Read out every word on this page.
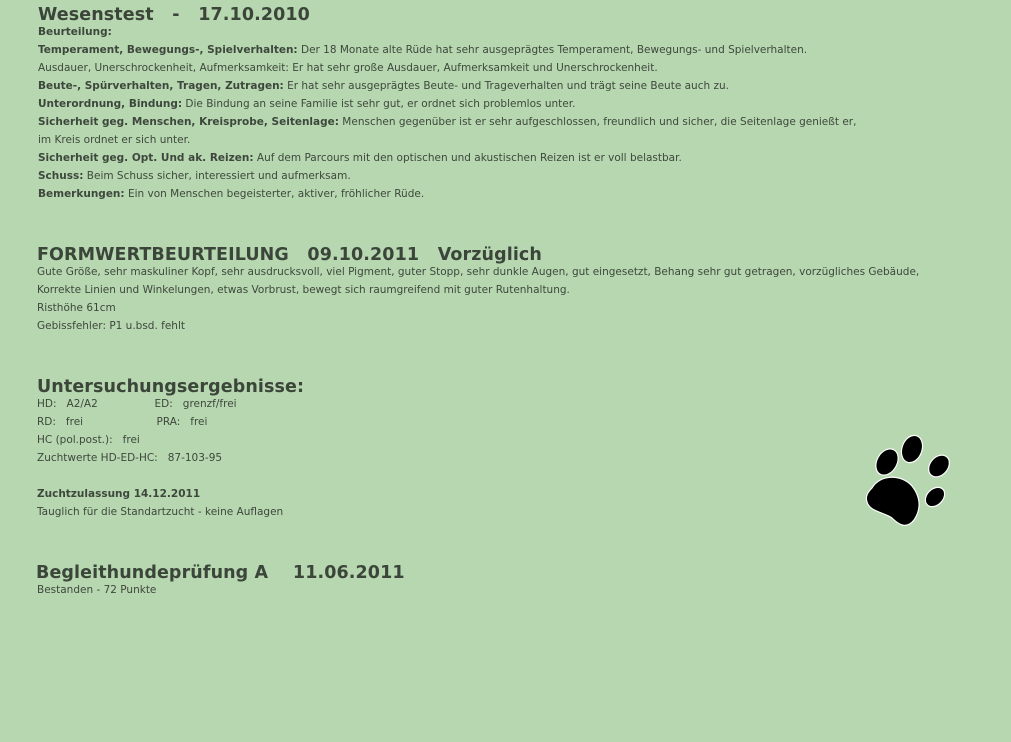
Wesenstest   -   17.10.2010
Beurteilung:
Temperament, Bewegungs-, Spielverhalten: Der 18 Monate alte Rüde hat sehr ausgeprägtes Temperament, Bewegungs- und Spielverhalten.
Ausdauer, Unerschrockenheit, Aufmerksamkeit: Er hat sehr große Ausdauer, Aufmerksamkeit und Unerschrockenheit.
Beute-, Spürverhalten, Tragen, Zutragen: Er hat sehr ausgeprägtes Beute- und Trageverhalten und trägt seine Beute auch zu.
Unterordnung, Bindung: Die Bindung an seine Familie ist sehr gut, er ordnet sich problemlos unter.
Sicherheit geg. Menschen, Kreisprobe, Seitenlage: Menschen gegenüber ist er sehr aufgeschlossen, freundlich und sicher, die Seitenlage genießt er,
im Kreis ordnet er sich unter.
Sicherheit geg. Opt. Und ak. Reizen: Auf dem Parcours mit den optischen und akustischen Reizen ist er voll belastbar.
Schuss: Beim Schuss sicher, interessiert und aufmerksam.
Bemerkungen: Ein von Menschen begeisterter, aktiver, fröhlicher Rüde.
FORMWERTBEURTEILUNG   09.10.2011   Vorzüglich
Gute Größe, sehr maskuliner Kopf, sehr ausdrucksvoll, viel Pigment, guter Stopp, sehr dunkle Augen, gut eingesetzt, Behang sehr gut getragen, vorzügliches Gebäude,
Korrekte Linien und Winkelungen, etwas Vorbrust, bewegt sich raumgreifend mit guter Rutenhaltung.
Risthöhe 61cm
Gebissfehler: P1 u.bsd. fehlt
Untersuchungsergebnisse:
HD:   A2/A2                 ED:   grenzf/frei
RD:   frei                      PRA:   frei
HC (pol.post.):   frei
Zuchtwerte HD-ED-HC:   87-103-95
Zuchtzulassung 14.12.2011
Tauglich für die Standartzucht - keine Auflagen
Begleithundeprüfung A    11.06.2011
Bestanden - 72 Punkte
